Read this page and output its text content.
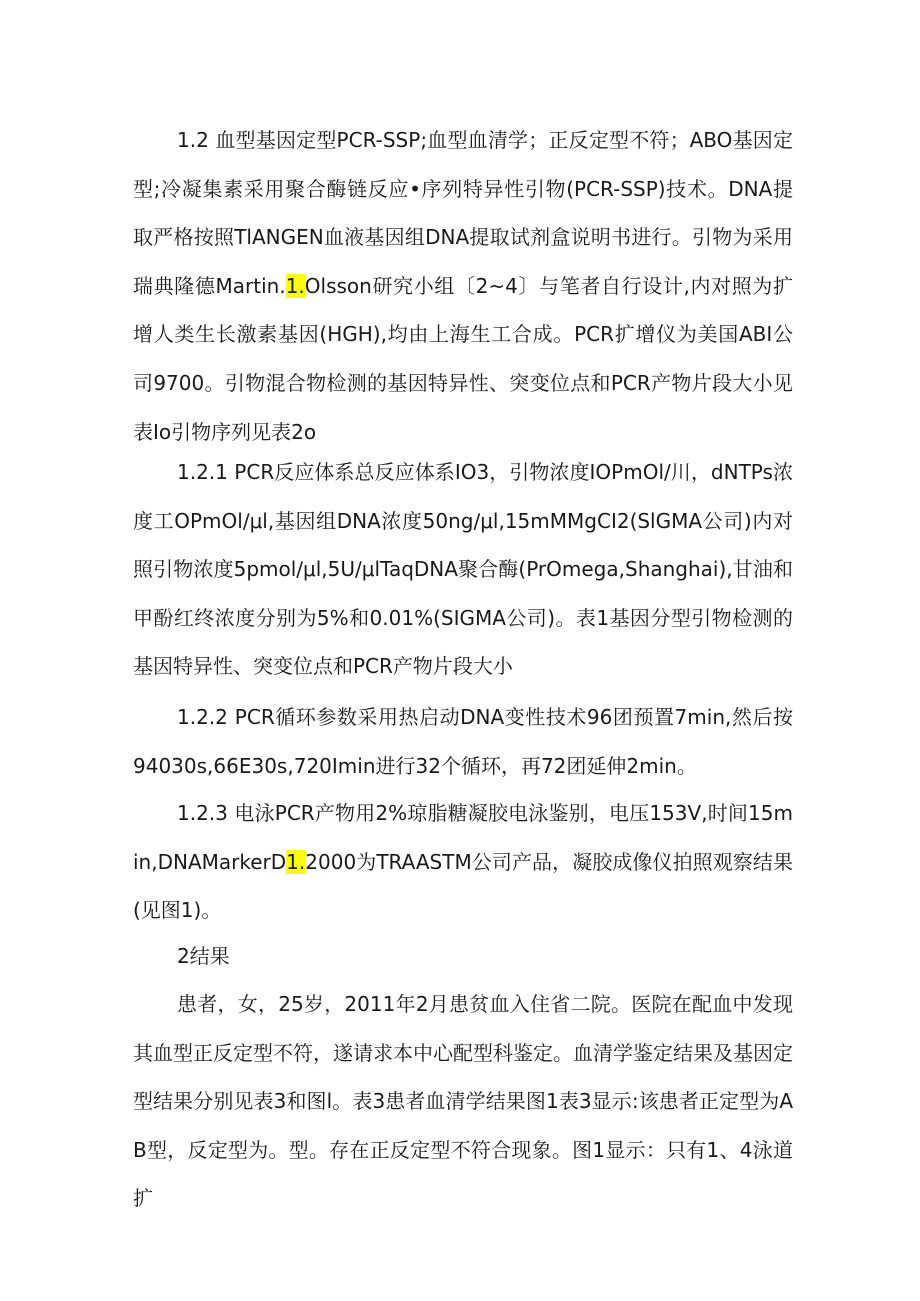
1.2 血型基因定型PCR-SSP;血型血清学；正反定型不符；ABO基因定型;冷凝集素采用聚合酶链反应•序列特异性引物(PCR-SSP)技术。DNA提取严格按照TlANGEN血液基因组DNA提取试剂盒说明书进行。引物为采用瑞典隆德Martin.1.Olsson研究小组〔2~4〕与笔者自行设计,内对照为扩增人类生长激素基因(HGH),均由上海生工合成。PCR扩增仪为美国ABI公司9700。引物混合物检测的基因特异性、突变位点和PCR产物片段大小见表Io引物序列见表2o

1.2.1 PCR反应体系总反应体系IO3，引物浓度IOPmOl/川，dNTPs浓度工OPmOl∕μl,基因组DNA浓度50ng∕μl,15mMMgCI2(SlGMA公司)内对照引物浓度5pmol∕μl,5U∕μlTaqDNA聚合酶(PrOmega,Shanghai),甘油和甲酚红终浓度分别为5%和0.01%(SIGMA公司)。表1基因分型引物检测的基因特异性、突变位点和PCR产物片段大小

1.2.2 PCR循环参数采用热启动DNA变性技术96团预置7min,然后按94030s,66E30s,720Imin进行32个循环，再72团延伸2min。

1.2.3 电泳PCR产物用2%琼脂糖凝胶电泳鉴别，电压153V,时间15min,DNAMarkerD1.2000为TRAASTM公司产品，凝胶成像仪拍照观察结果(见图1)。

2结果

患者，女，25岁，2011年2月患贫血入住省二院。医院在配血中发现其血型正反定型不符，遂请求本中心配型科鉴定。血清学鉴定结果及基因定型结果分别见表3和图l。表3患者血清学结果图1表3显示:该患者正定型为AB型，反定型为。型。存在正反定型不符合现象。图1显示：只有1、4泳道扩
